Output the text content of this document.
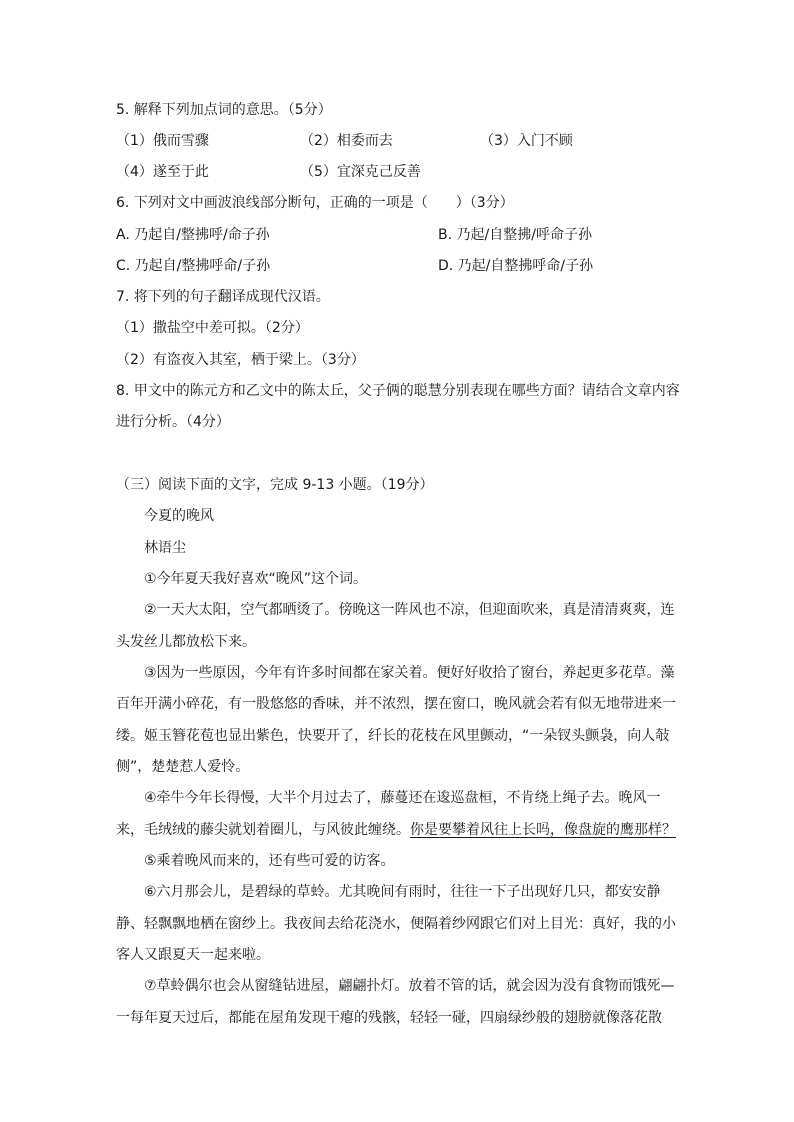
5. 解释下列加点词的意思。（5分）
（1）俄而雪骤	（2）相委而去	（3）入门不顾
（4）遂至于此	（5）宜深克己反善
6. 下列对文中画波浪线部分断句，正确的一项是（　　）（3分）
A. 乃起自/整拂呼/命子孙	B. 乃起/自整拂/呼命子孙
C. 乃起自/整拂呼命/子孙	D. 乃起/自整拂呼命/子孙
7. 将下列的句子翻译成现代汉语。
（1）撒盐空中差可拟。（2分）
（2）有盗夜入其室，栖于梁上。（3分）
8. 甲文中的陈元方和乙文中的陈太丘，父子俩的聪慧分别表现在哪些方面？请结合文章内容
进行分析。（4分）
（三）阅读下面的文字，完成 9-13 小题。（19分）
今夏的晚风
林语尘
①今年夏天我好喜欢“晚风”这个词。
②一天大太阳，空气都晒烫了。傍晚这一阵风也不凉，但迎面吹来，真是清清爽爽，连
头发丝儿都放松下来。
③因为一些原因，今年有许多时间都在家关着。便好好收拾了窗台，养起更多花草。藻
百年开满小碎花，有一股悠悠的香味，并不浓烈，摆在窗口，晚风就会若有似无地带进来一
缕。姬玉簪花苞也显出紫色，快要开了，纤长的花枝在风里颤动，“一朵钗头颤袅，向人敧
侧”，楚楚惹人爱怜。
④牵牛今年长得慢，大半个月过去了，藤蔓还在逡巡盘桓，不肯绕上绳子去。晚风一
来，毛绒绒的藤尖就划着圈儿，与风彼此缠绕。你是要攀着风往上长吗，像盘旋的鹰那样？
⑤乘着晚风而来的，还有些可爱的访客。
⑥六月那会儿，是碧绿的草蛉。尤其晚间有雨时，往往一下子出现好几只，都安安静
静、轻飘飘地栖在窗纱上。我夜间去给花浇水，便隔着纱网跟它们对上目光：真好，我的小
客人又跟夏天一起来啦。
⑦草蛉偶尔也会从窗缝钻进屋，翩翩扑灯。放着不管的话，就会因为没有食物而饿死—
一每年夏天过后，都能在屋角发现干瘪的残骸，轻轻一碰，四扇绿纱般的翅膀就像落花散
